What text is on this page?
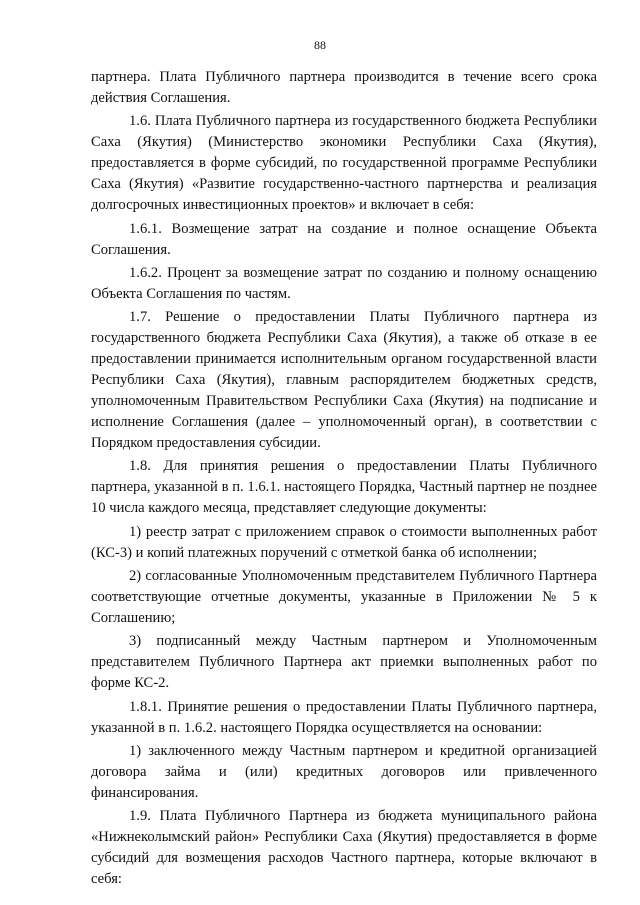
88

партнера. Плата Публичного партнера производится в течение всего срока действия Соглашения.

1.6. Плата Публичного партнера из государственного бюджета Республики Саха (Якутия) (Министерство экономики Республики Саха (Якутия), предоставляется в форме субсидий, по государственной программе Республики Саха (Якутия) «Развитие государственно-частного партнерства и реализация долгосрочных инвестиционных проектов» и включает в себя:

1.6.1. Возмещение затрат на создание и полное оснащение Объекта Соглашения.

1.6.2. Процент за возмещение затрат по созданию и полному оснащению Объекта Соглашения по частям.

1.7. Решение о предоставлении Платы Публичного партнера из государственного бюджета Республики Саха (Якутия), а также об отказе в ее предоставлении принимается исполнительным органом государственной власти Республики Саха (Якутия), главным распорядителем бюджетных средств, уполномоченным Правительством Республики Саха (Якутия) на подписание и исполнение Соглашения (далее – уполномоченный орган), в соответствии с Порядком предоставления субсидии.

1.8. Для принятия решения о предоставлении Платы Публичного партнера, указанной в п. 1.6.1. настоящего Порядка, Частный партнер не позднее 10 числа каждого месяца, представляет следующие документы:

1) реестр затрат с приложением справок о стоимости выполненных работ (КС-3) и копий платежных поручений с отметкой банка об исполнении;

2) согласованные Уполномоченным представителем Публичного Партнера соответствующие отчетные документы, указанные в Приложении № 5 к Соглашению;

3) подписанный между Частным партнером и Уполномоченным представителем Публичного Партнера акт приемки выполненных работ по форме КС-2.

1.8.1. Принятие решения о предоставлении Платы Публичного партнера, указанной в п. 1.6.2. настоящего Порядка осуществляется на основании:

1) заключенного между Частным партнером и кредитной организацией договора займа и (или) кредитных договоров или привлеченного финансирования.

1.9. Плата Публичного Партнера из бюджета муниципального района «Нижнеколымский район» Республики Саха (Якутия) предоставляется в форме субсидий для возмещения расходов Частного партнера, которые включают в себя:
